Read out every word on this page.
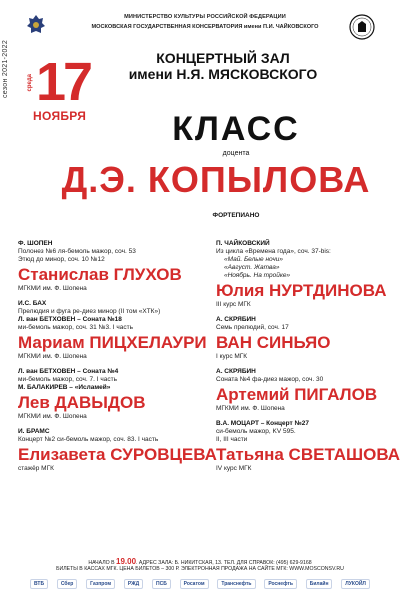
сезон 2021-2022
МИНИСТЕРСТВО КУЛЬТУРЫ РОССИЙСКОЙ ФЕДЕРАЦИИ
МОСКОВСКАЯ ГОСУДАРСТВЕННАЯ КОНСЕРВАТОРИЯ имени П.И. ЧАЙКОВСКОГО
среда 17
НОЯБРЯ
КОНЦЕРТНЫЙ ЗАЛ
имени Н.Я. МЯСКОВСКОГО
КЛАСС
доцента
Д.Э. КОПЫЛОВА
ФОРТЕПИАНО
Ф. ШОПЕН
Полонез №6 ля-бемоль мажор, соч. 53
Этюд до минор, соч. 10 №12
Станислав ГЛУХОВ
МГКМИ им. Ф. Шопена
И.С. БАХ
Прелюдия и фуга ре-диез минор (II том «ХТК»)
Л. ван БЕТХОВЕН – Соната №18
ми-бемоль мажор, соч. 31 №3. I часть
Мариам ПИЦХЕЛАУРИ
МГКМИ им. Ф. Шопена
Л. ван БЕТХОВЕН – Соната №4
ми-бемоль мажор, соч. 7. I часть
М. БАЛАКИРЕВ – «Исламей»
Лев ДАВЫДОВ
МГКМИ им. Ф. Шопена
И. БРАМС
Концерт №2 си-бемоль мажор, соч. 83. I часть
Елизавета СУРОВЦЕВА
стажёр МГК
П. ЧАЙКОВСКИЙ
Из цикла «Времена года», соч. 37-bis:
«Май. Белые ночи»
«Август. Жатва»
«Ноябрь. На тройке»
Юлия НУРТДИНОВА
III курс МГК
А. СКРЯБИН
Семь прелюдий, соч. 17
ВАН СИНЬЯО
I курс МГК
А. СКРЯБИН
Соната №4 фа-диез мажор, соч. 30
Артемий ПИГАЛОВ
МГКМИ им. Ф. Шопена
В.А. МОЦАРТ – Концерт №27
си-бемоль мажор, KV 595.
II, III части
Татьяна СВЕТАШОВА
IV курс МГК
НАЧАЛО В 19.00. АДРЕС ЗАЛА: Б. НИКИТСКАЯ, 13. ТЕЛ. ДЛЯ СПРАВОК: (495) 629-9168
БИЛЕТЫ В КАССАХ МГК. ЦЕНА БИЛЕТОВ – 300 Р. ЭЛЕКТРОННАЯ ПРОДАЖА НА САЙТЕ МГК: WWW.MOSCONSV.RU
ВТБ	Сбер	Газпром	РЖД	ПСБ	Росатом	Транснефть	Роснефть	Билайн	ЛУКОЙЛ
